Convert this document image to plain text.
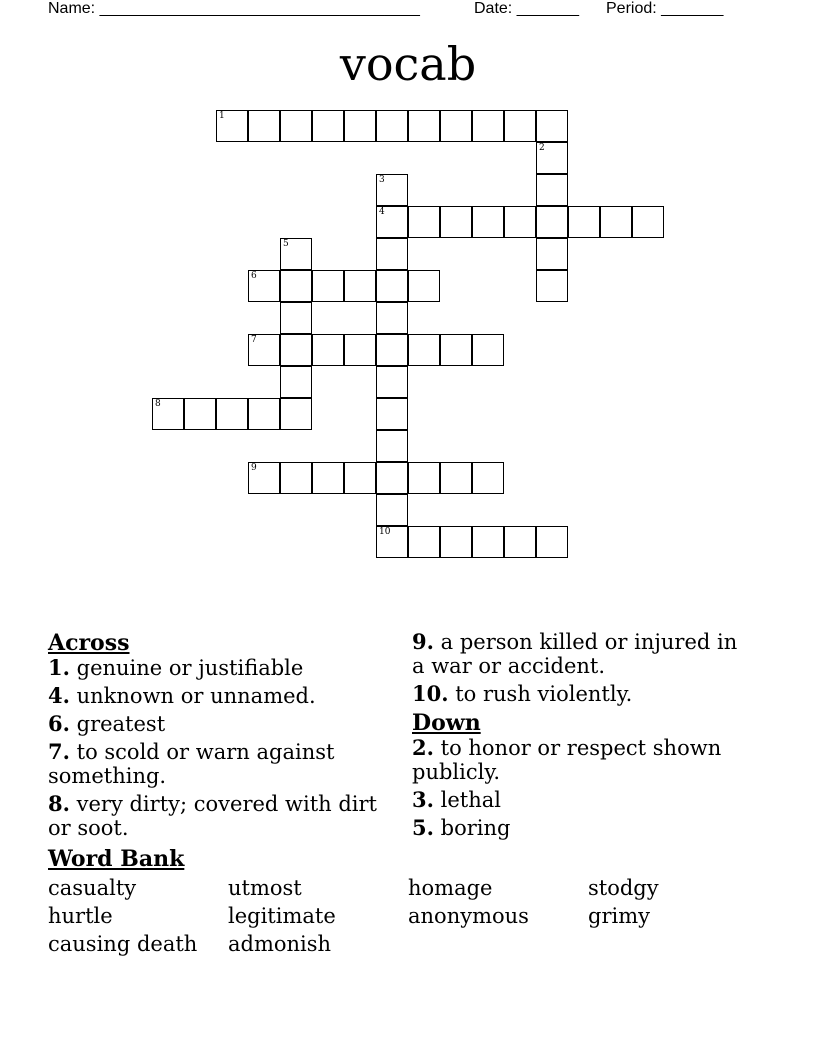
Name: ____________________________________	Date: _______ Period: _______
vocab
1
2
3
4
10
5
6
7
8
9

Across

1. genuine or justifiable

4. unknown or unnamed.

6. greatest

7. to scold or warn against something.

8. very dirty; covered with dirt or soot.

9. a person killed or injured in a war or accident.

10. to rush violently.

Down

2. to honor or respect shown publicly.

3. lethal

5. boring

Word Bank
casualty	utmost	homage	stodgy
hurtle	legitimate	anonymous	grimy
causing death	admonish
